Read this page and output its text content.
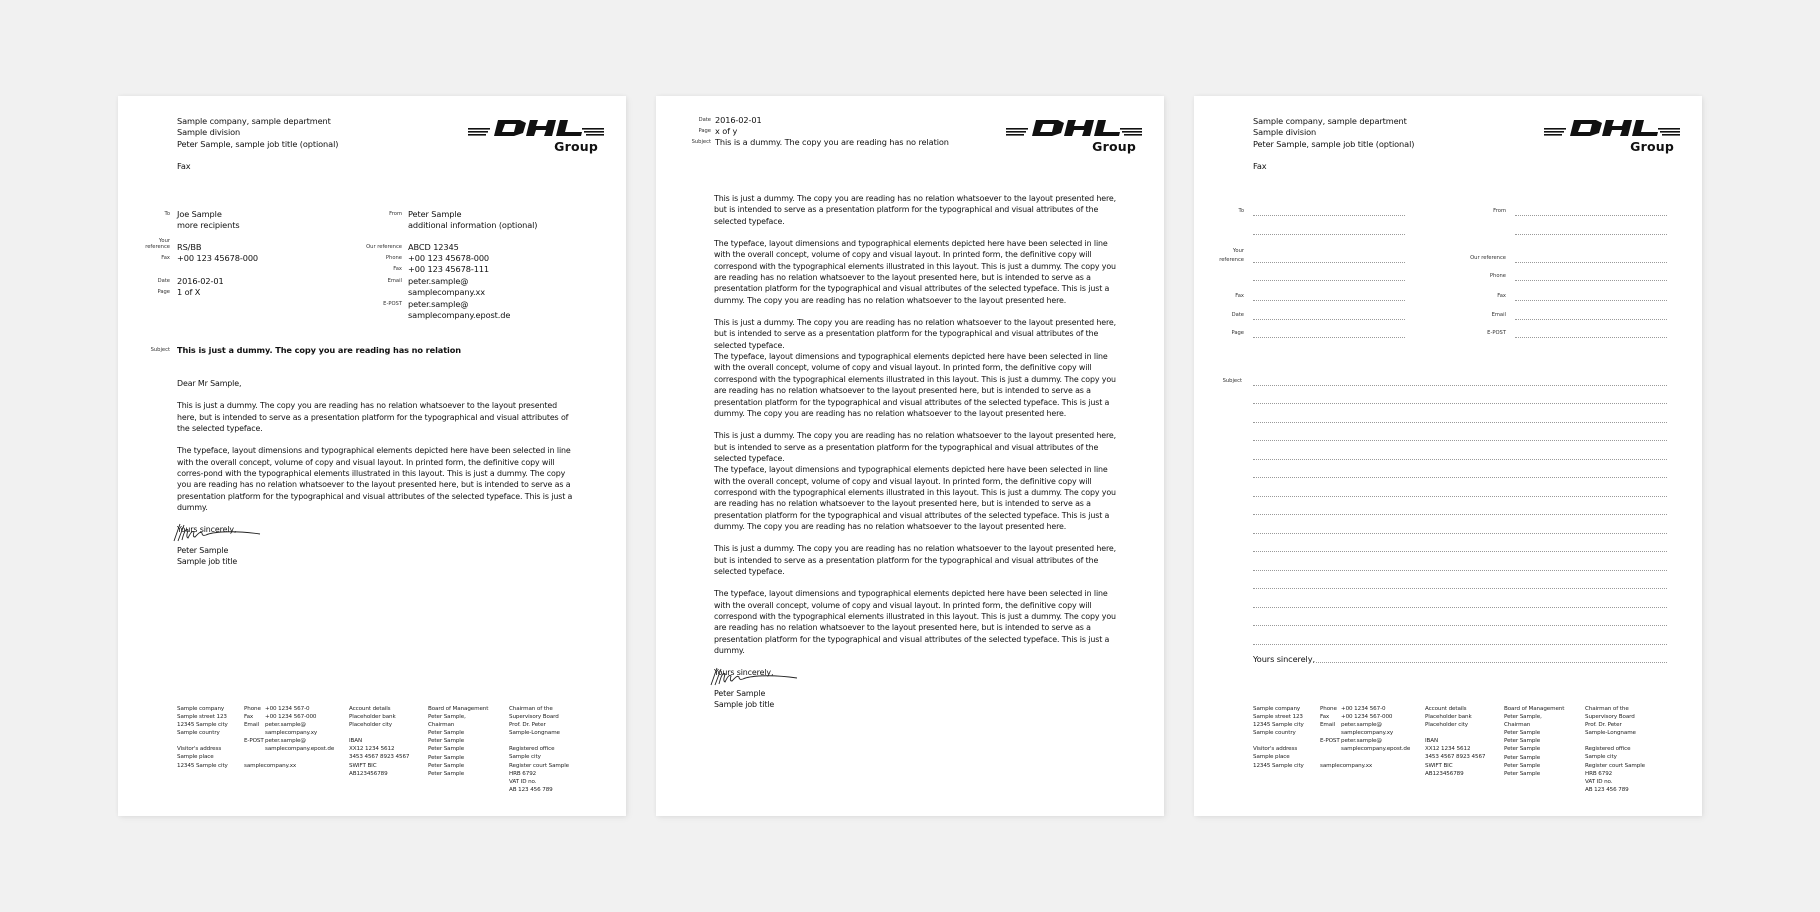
Sample company, sample department
Sample division
Peter Sample, sample job title (optional)
Fax
Group
To Joe Sample
more recipients
Your
reference RS/BB
Fax +00 123 45678-000
Date 2016-02-01
Page 1 of X
From Peter Sample
additional information (optional)
Our reference ABCD 12345
Phone +00 123 45678-000
Fax +00 123 45678-111
Email peter.sample@
samplecompany.xx
E-POST peter.sample@
samplecompany.epost.de
Subject This is just a dummy. The copy you are reading has no relation

Dear Mr Sample,

This is just a dummy. The copy you are reading has no relation whatsoever to the layout presented here, but is intended to serve as a presentation platform for the typographical and visual attributes of the selected typeface.

The typeface, layout dimensions and typographical elements depicted here have been selected in line with the overall concept, volume of copy and visual layout. In printed form, the definitive copy will corres-pond with the typographical elements illustrated in this layout. This is just a dummy. The copy you are reading has no relation whatsoever to the layout presented here, but is intended to serve as a presentation platform for the typographical and visual attributes of the selected typeface. This is just a dummy.

Yours sincerely,

Peter Sample
Sample job title
Sample company
Sample street 123
12345 Sample city
Sample country
Visitor's address
Sample place
12345 Sample city
Phone +00 1234 567-0
Fax +00 1234 567-000
Email peter.sample@
samplecompany.xy
E-POSTpeter.sample@
samplecompany.epost.de
samplecompany.xx
Account details
Placeholder bank
Placeholder city
IBAN
XX12 1234 5612
3453 4567 8923 4567
SWIFT BIC
AB123456789
Board of Management
Peter Sample,
Chairman
Peter Sample
Peter Sample
Peter Sample
Peter Sample
Peter Sample
Peter Sample
Chairman of the
Supervisory Board
Prof. Dr. Peter
Sample-Longname
Registered office
Sample city
Register court Sample
HRB 6792
VAT ID no.
AB 123 456 789
Date 2016-02-01
Page x of y
Subject This is a dummy. The copy you are reading has no relation	Group

This is just a dummy. The copy you are reading has no relation whatsoever to the layout presented here, but is intended to serve as a presentation platform for the typographical and visual attributes of the selected typeface.

The typeface, layout dimensions and typographical elements depicted here have been selected in line with the overall concept, volume of copy and visual layout. In printed form, the definitive copy will correspond with the typographical elements illustrated in this layout. This is just a dummy. The copy you are reading has no relation whatsoever to the layout presented here, but is intended to serve as a presentation platform for the typographical and visual attributes of the selected typeface. This is just a dummy. The copy you are reading has no relation whatsoever to the layout presented here.

This is just a dummy. The copy you are reading has no relation whatsoever to the layout presented here, but is intended to serve as a presentation platform for the typographical and visual attributes of the selected typeface.

The typeface, layout dimensions and typographical elements depicted here have been selected in line with the overall concept, volume of copy and visual layout. In printed form, the definitive copy will correspond with the typographical elements illustrated in this layout. This is just a dummy. The copy you are reading has no relation whatsoever to the layout presented here, but is intended to serve as a presentation platform for the typographical and visual attributes of the selected typeface. This is just a dummy. The copy you are reading has no relation whatsoever to the layout presented here.

This is just a dummy. The copy you are reading has no relation whatsoever to the layout presented here, but is intended to serve as a presentation platform for the typographical and visual attributes of the selected typeface.

The typeface, layout dimensions and typographical elements depicted here have been selected in line with the overall concept, volume of copy and visual layout. In printed form, the definitive copy will correspond with the typographical elements illustrated in this layout. This is just a dummy. The copy you are reading has no relation whatsoever to the layout presented here, but is intended to serve as a presentation platform for the typographical and visual attributes of the selected typeface. This is just a dummy. The copy you are reading has no relation whatsoever to the layout presented here.

This is just a dummy. The copy you are reading has no relation whatsoever to the layout presented here, but is intended to serve as a presentation platform for the typographical and visual attributes of the selected typeface.

The typeface, layout dimensions and typographical elements depicted here have been selected in line with the overall concept, volume of copy and visual layout. In printed form, the definitive copy will correspond with the typographical elements illustrated in this layout. This is just a dummy. The copy you are reading has no relation whatsoever to the layout presented here, but is intended to serve as a presentation platform for the typographical and visual attributes of the selected typeface. This is just a dummy.

Yours sincerely,

Peter Sample
Sample job title
Sample company, sample department
Sample division
Peter Sample, sample job title (optional)
Fax
Group
To
Your
reference
Fax
Date
Page
From
Our reference
Phone
Fax
Email
E-POST
Subject
Yours sincerely,
Sample company
Sample street 123
12345 Sample city
Sample country
Visitor's address
Sample place
12345 Sample city
Phone +00 1234 567-0
Fax +00 1234 567-000
Email peter.sample@
samplecompany.xy
E-POSTpeter.sample@
samplecompany.epost.de
samplecompany.xx
Account details
Placeholder bank
Placeholder city
IBAN
XX12 1234 5612
3453 4567 8923 4567
SWIFT BIC
AB123456789
Board of Management
Peter Sample,
Chairman
Peter Sample
Peter Sample
Peter Sample
Peter Sample
Peter Sample
Peter Sample
Chairman of the
Supervisory Board
Prof. Dr. Peter
Sample-Longname
Registered office
Sample city
Register court Sample
HRB 6792
VAT ID no.
AB 123 456 789
